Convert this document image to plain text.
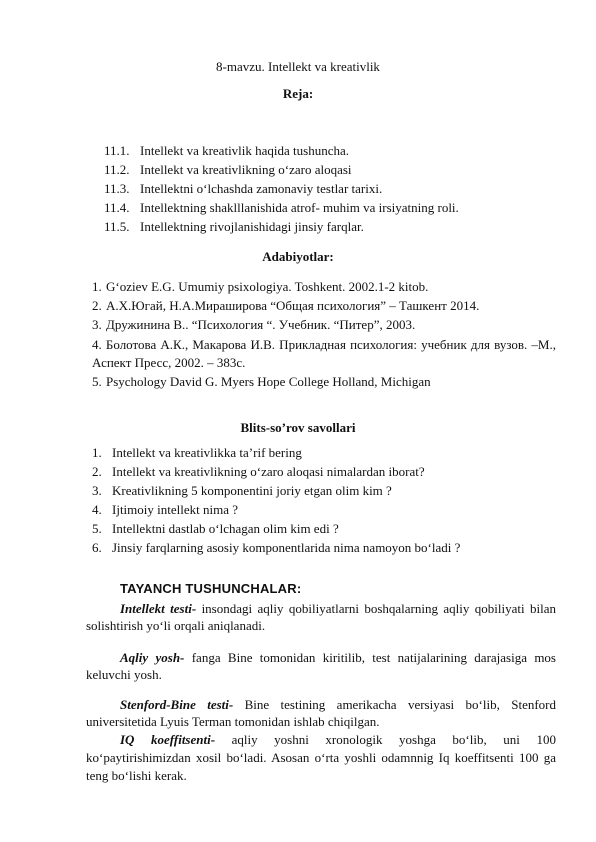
8-mavzu. Intellekt va kreativlik
Reja:
11.1. Intellekt va kreativlik haqida tushuncha.
11.2. Intellekt va kreativlikning o‘zaro aloqasi
11.3. Intellektni o‘lchashda zamonaviy testlar tarixi.
11.4. Intellektning shaklllanishida atrof- muhim va irsiyatning roli.
11.5. Intellektning rivojlanishidagi jinsiy farqlar.
Adabiyotlar:
1. G‘oziev E.G. Umumiy psixologiya. Toshkent. 2002.1-2 kitob.
2. А.Х.Югай, Н.А.Мирашир‎ова “Общая психология” – Ташкент 2014.
3. Дружинина В.. “Психология “. Учебник. “Питер”, 2003.
4. Болотова А.К., Макарова И.В. Прикладная психология: учебник для вузов. –М., Аспект Пресс, 2002. – 383с.
5. Psychology David G. Myers Hope College Holland, Michigan
Blits-so’rov savollari
1. Intellekt va kreativlikka ta’rif bering
2. Intellekt va kreativlikning o‘zaro aloqasi nimalardan iborat?
3. Kreativlikning 5 komponentini joriy etgan olim kim ?
4. Ijtimoiy intellekt nima ?
5. Intellektni dastlab o‘lchagan olim kim edi ?
6. Jinsiy farqlarning asosiy komponentlarida nima namoyon bo‘ladi ?
TAYANCH TUSHUNCHALAR:

Intellekt testi- insondagi aqliy qobiliyatlarni boshqalarning aqliy qobiliyati bilan solishtirish yo‘li orqali aniqlanadi.

Aqliy yosh- fanga Bine tomonidan kiritilib, test natijalarining darajasiga mos keluvchi yosh.

Stenford-Bine testi- Bine testining amerikacha versiyasi bo‘lib, Stenford universitetida Lyuis Terman tomonidan ishlab chiqilgan.

IQ koeffitsenti- aqliy yoshni xronologik yoshga bo‘lib, uni 100 ko‘paytirishimizdan xosil bo‘ladi. Asosan o‘rta yoshli odamnnig Iq koeffitsenti 100 ga teng bo‘lishi kerak.
